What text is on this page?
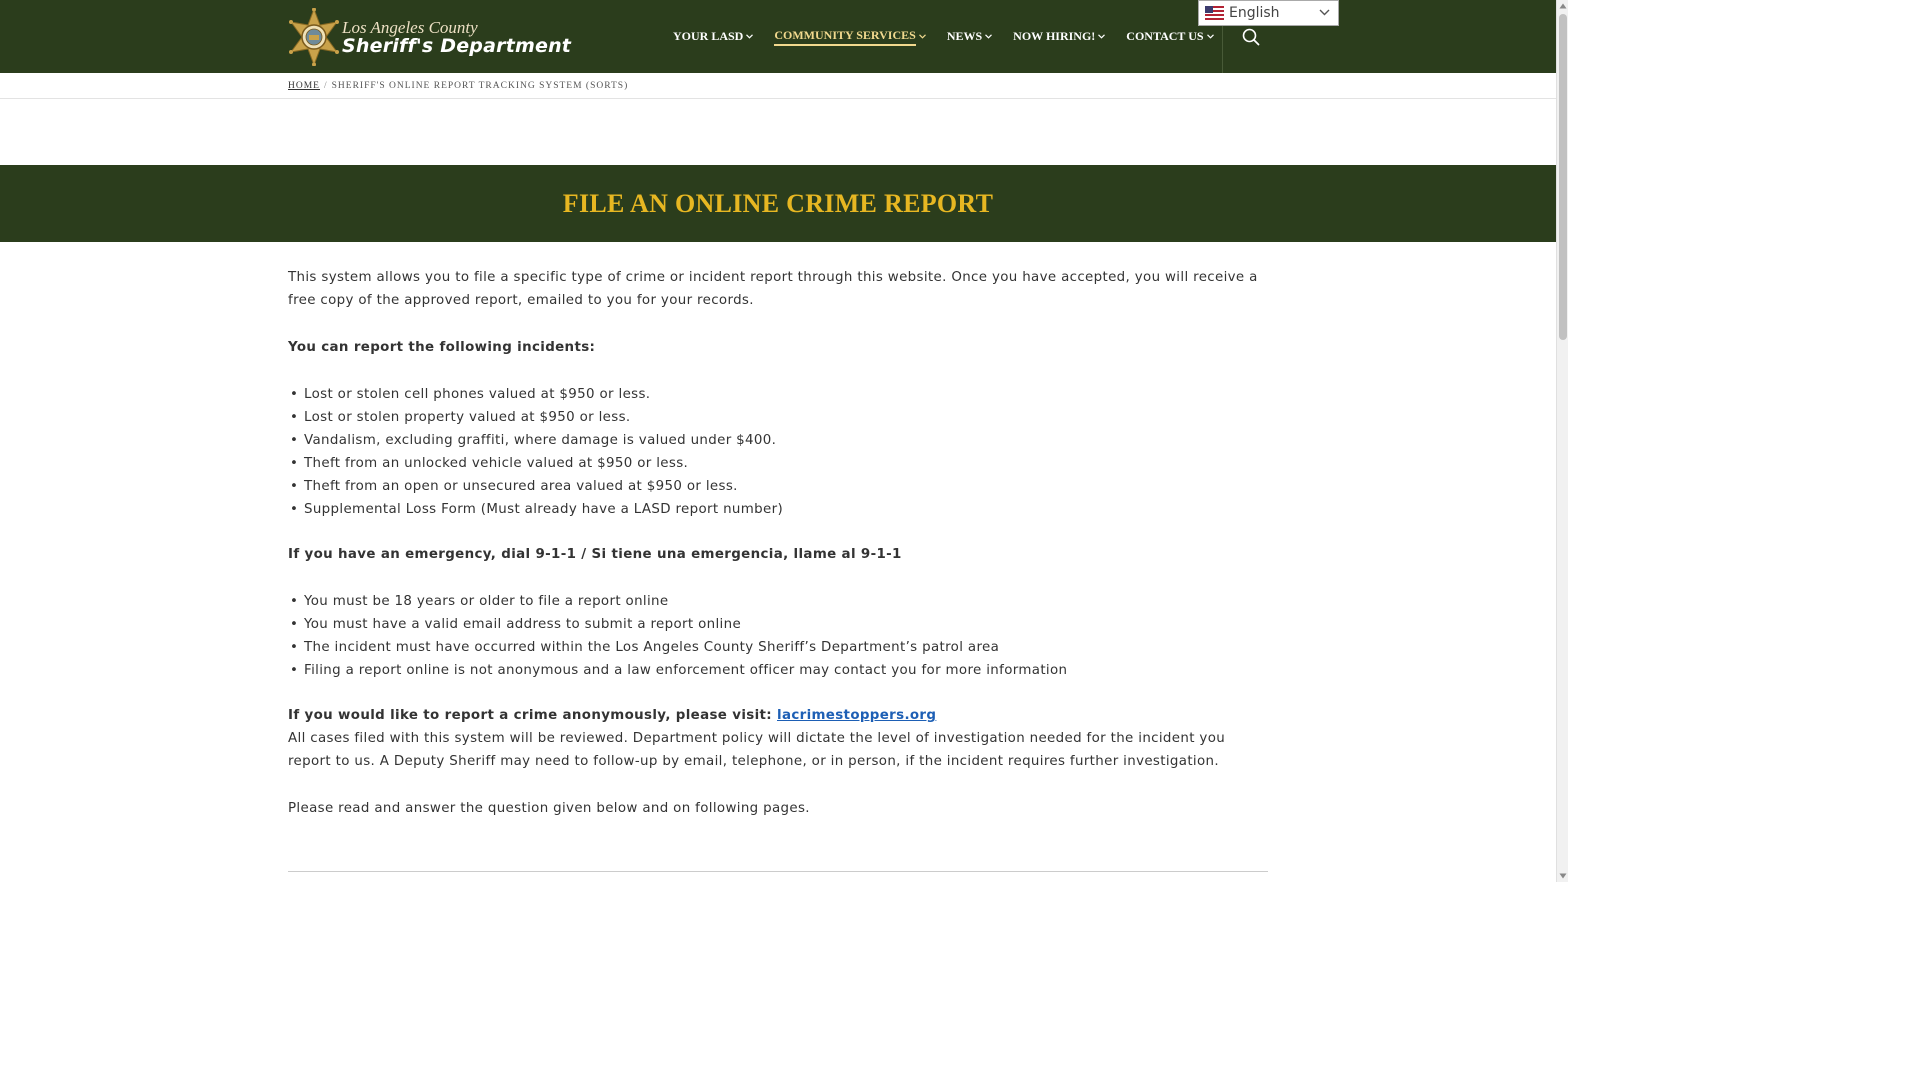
Los Angeles County
Sheriff's Department	YOUR LASD	COMMUNITY SERVICES	NEWS	NOW HIRING!	CONTACT US
English
HOME / SHERIFF'S ONLINE REPORT TRACKING SYSTEM (SORTS)
FILE AN ONLINE CRIME REPORT

This system allows you to file a specific type of crime or incident report through this website. Once you have accepted, you will receive a free copy of the approved report, emailed to you for your records.

You can report the following incidents:

• Lost or stolen cell phones valued at $950 or less.
• Lost or stolen property valued at $950 or less.
• Vandalism, excluding graffiti, where damage is valued under $400.
• Theft from an unlocked vehicle valued at $950 or less.
• Theft from an open or unsecured area valued at $950 or less.
• Supplemental Loss Form (Must already have a LASD report number)

If you have an emergency, dial 9-1-1 / Si tiene una emergencia, llame al 9-1-1

• You must be 18 years or older to file a report online
• You must have a valid email address to submit a report online
• The incident must have occurred within the Los Angeles County Sheriff’s Department’s patrol area
• Filing a report online is not anonymous and a law enforcement officer may contact you for more information

If you would like to report a crime anonymously, please visit: lacrimestoppers.org

All cases filed with this system will be reviewed. Department policy will dictate the level of investigation needed for the incident you report to us. A Deputy Sheriff may need to follow-up by email, telephone, or in person, if the incident requires further investigation.

Please read and answer the question given below and on following pages.
